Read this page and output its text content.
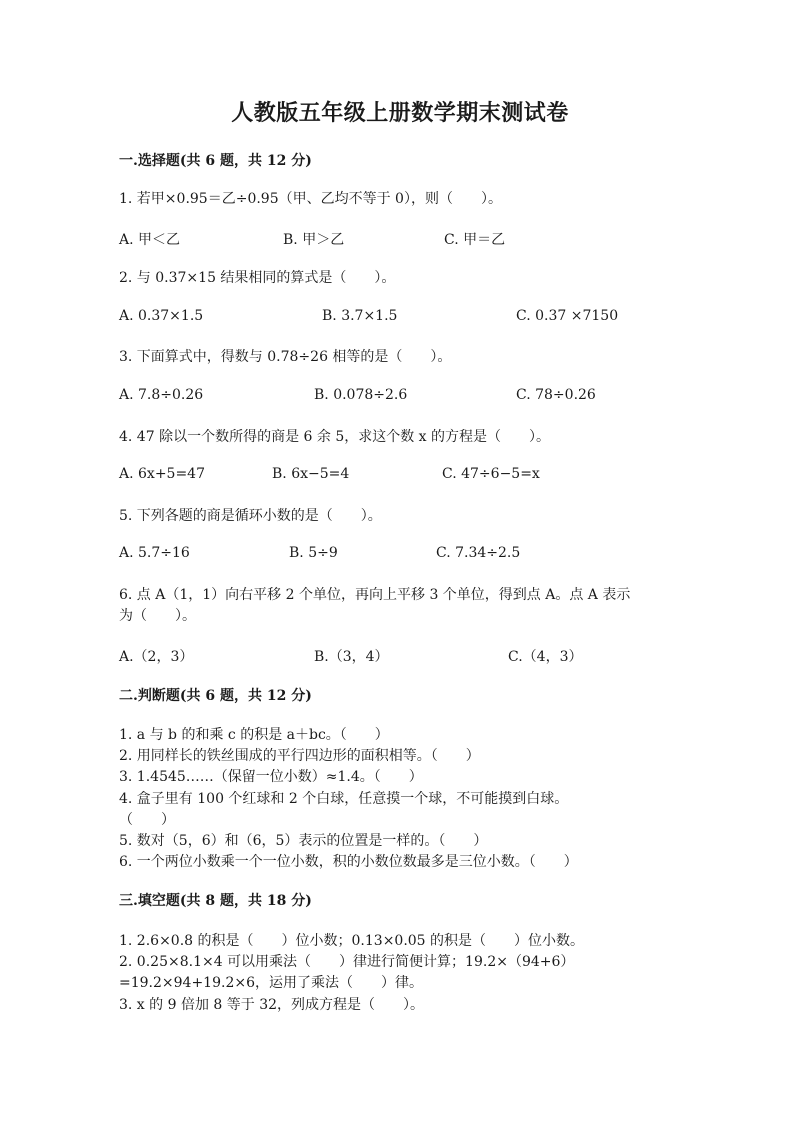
人教版五年级上册数学期末测试卷
一.选择题(共 6 题，共 12 分)
1. 若甲×0.95＝乙÷0.95（甲、乙均不等于 0），则（　　）。
A. 甲＜乙	B. 甲＞乙	C. 甲＝乙
2. 与 0.37×15 结果相同的算式是（　　）。
A. 0.37×1.5	B. 3.7×1.5	C. 0.37 ×7150
3. 下面算式中，得数与 0.78÷26 相等的是（　　）。
A. 7.8÷0.26	B. 0.078÷2.6	C. 78÷0.26
4. 47 除以一个数所得的商是 6 余 5，求这个数 x 的方程是（　　）。
A. 6x+5=47	B. 6x−5=4	C. 47÷6−5=x
5. 下列各题的商是循环小数的是（　　）。
A. 5.7÷16	B. 5÷9	C. 7.34÷2.5
6. 点 A（1，1）向右平移 2 个单位，再向上平移 3 个单位，得到点 A。点 A 表示
为（　　）。
A.（2，3）	B.（3，4）	C.（4，3）
二.判断题(共 6 题，共 12 分)
1. a 与 b 的和乘 c 的积是 a＋bc。（　　）
2. 用同样长的铁丝围成的平行四边形的面积相等。（　　）
3. 1.4545……（保留一位小数）≈1.4。（　　）
4. 盒子里有 100 个红球和 2 个白球，任意摸一个球，不可能摸到白球。
（　　）
5. 数对（5，6）和（6，5）表示的位置是一样的。（　　）
6. 一个两位小数乘一个一位小数，积的小数位数最多是三位小数。（　　）
三.填空题(共 8 题，共 18 分)
1. 2.6×0.8 的积是（　　）位小数；0.13×0.05 的积是（　　）位小数。
2. 0.25×8.1×4 可以用乘法（　　）律进行简便计算；19.2×（94+6）
=19.2×94+19.2×6，运用了乘法（　　）律。
3. x 的 9 倍加 8 等于 32，列成方程是（　　）。
